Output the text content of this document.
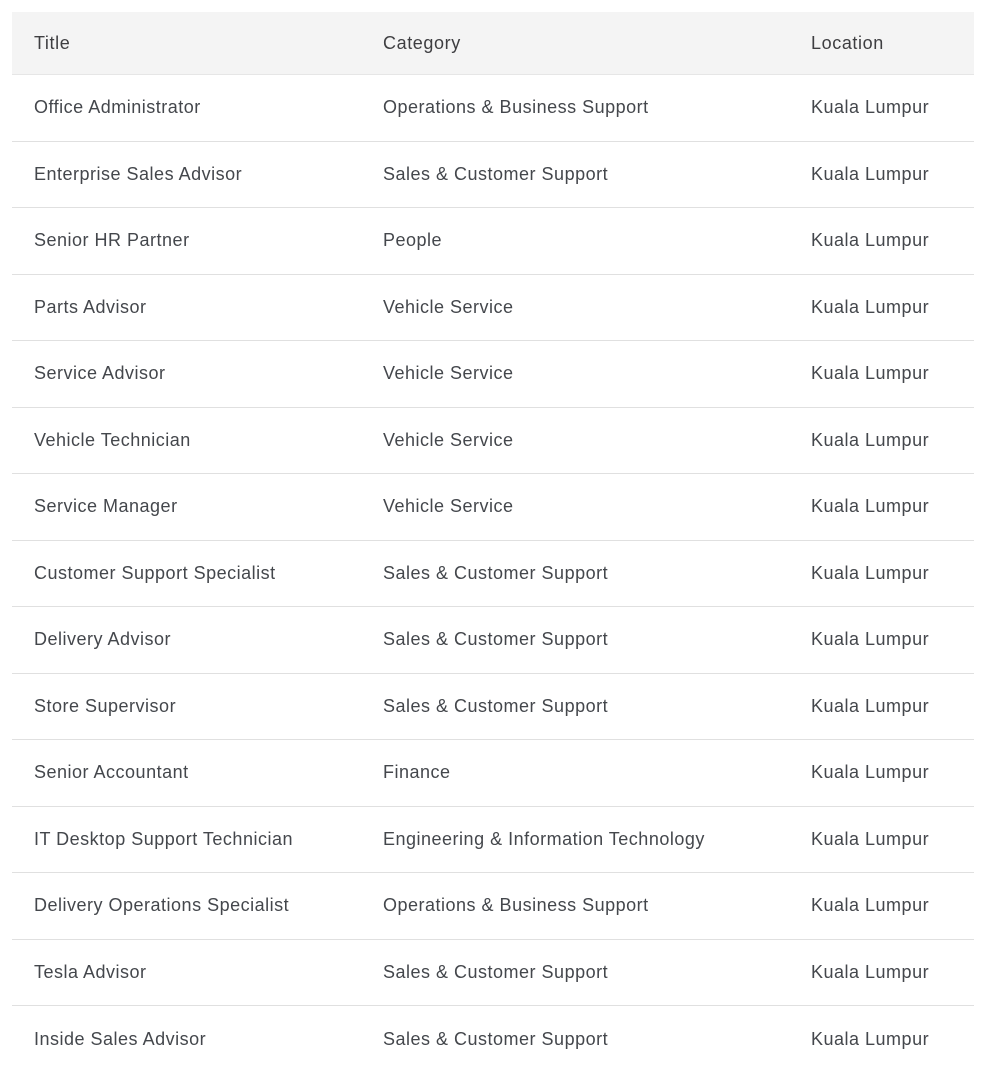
Title	Category	Location
Office Administrator	Operations & Business Support	Kuala Lumpur
Enterprise Sales Advisor	Sales & Customer Support	Kuala Lumpur
Senior HR Partner	People	Kuala Lumpur
Parts Advisor	Vehicle Service	Kuala Lumpur
Service Advisor	Vehicle Service	Kuala Lumpur
Vehicle Technician	Vehicle Service	Kuala Lumpur
Service Manager	Vehicle Service	Kuala Lumpur
Customer Support Specialist	Sales & Customer Support	Kuala Lumpur
Delivery Advisor	Sales & Customer Support	Kuala Lumpur
Store Supervisor	Sales & Customer Support	Kuala Lumpur
Senior Accountant	Finance	Kuala Lumpur
IT Desktop Support Technician	Engineering & Information Technology	Kuala Lumpur
Delivery Operations Specialist	Operations & Business Support	Kuala Lumpur
Tesla Advisor	Sales & Customer Support	Kuala Lumpur
Inside Sales Advisor	Sales & Customer Support	Kuala Lumpur
